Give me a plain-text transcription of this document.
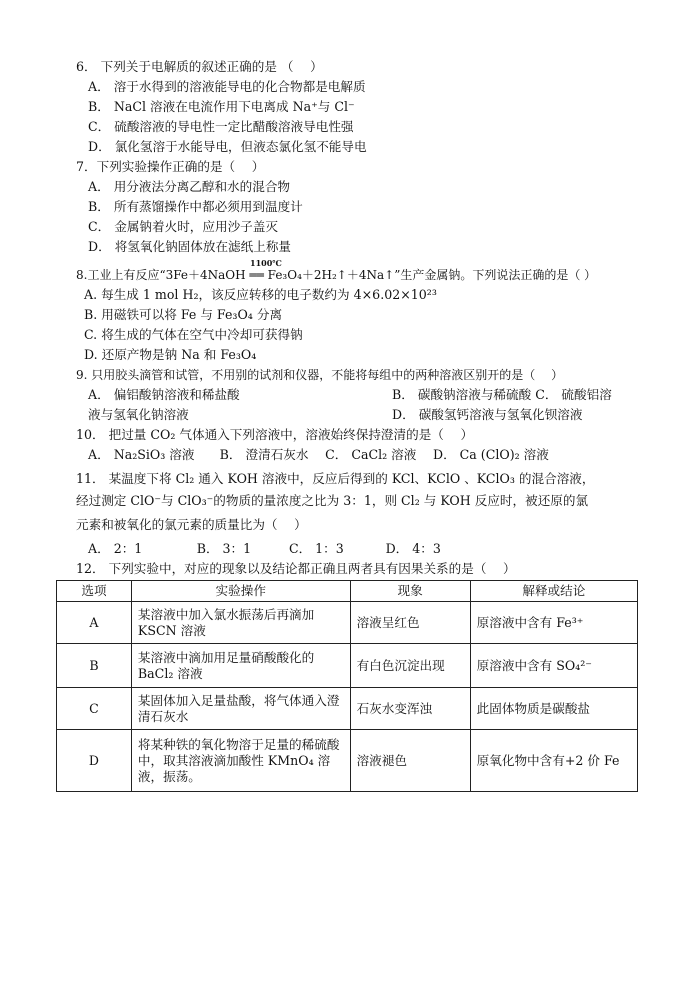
6． 下列关于电解质的叙述正确的是 （　 ）
A． 溶于水得到的溶液能导电的化合物都是电解质
B． NaCl 溶液在电流作用下电离成 Na⁺与 Cl⁻
C． 硫酸溶液的导电性一定比醋酸溶液导电性强
D． 氯化氢溶于水能导电，但液态氯化氢不能导电
7．下列实验操作正确的是（　 ）
A． 用分液法分离乙醇和水的混合物
B． 所有蒸馏操作中都必须用到温度计
C． 金属钠着火时，应用沙子盖灭
D． 将氢氧化钠固体放在滤纸上称量
1100℃
8.工业上有反应“3Fe＋4NaOH ══ Fe₃O₄＋2H₂↑＋4Na↑”生产金属钠。下列说法正确的是（ ）
A. 每生成 1 mol H₂，该反应转移的电子数约为 4×6.02×10²³
B. 用磁铁可以将 Fe 与 Fe₃O₄ 分离
C. 将生成的气体在空气中冷却可获得钠
D. 还原产物是钠 Na 和 Fe₃O₄
9. 只用胶头滴管和试管，不用别的试剂和仪器，不能将每组中的两种溶液区别开的是（　 ）
A． 偏铝酸钠溶液和稀盐酸	B． 碳酸钠溶液与稀硫酸 C． 硫酸铝溶
液与氢氧化钠溶液	D． 碳酸氢钙溶液与氢氧化钡溶液
10． 把过量 CO₂ 气体通入下列溶液中，溶液始终保持澄清的是（　 ）
A． Na₂SiO₃ 溶液　　B． 澄清石灰水　 C． CaCl₂ 溶液　 D． Ca (ClO)₂ 溶液
11． 某温度下将 Cl₂ 通入 KOH 溶液中，反应后得到的 KCl、KClO 、KClO₃ 的混合溶液，
经过测定 ClO⁻与 ClO₃⁻的物质的量浓度之比为 3：1，则 Cl₂ 与 KOH 反应时，被还原的氯
元素和被氧化的氯元素的质量比为（　 ）
A． 2：1　　　　 B． 3：1　　　C． 1：3　　　 D． 4：3
12． 下列实验中，对应的现象以及结论都正确且两者具有因果关系的是（　 ）
选项	实验操作	现象	解释或结论
A	某溶液中加入氯水振荡后再滴加 KSCN 溶液	溶液呈红色	原溶液中含有 Fe³⁺
B	某溶液中滴加用足量硝酸酸化的 BaCl₂ 溶液	有白色沉淀出现	原溶液中含有 SO₄²⁻
C	某固体加入足量盐酸，将气体通入澄清石灰水	石灰水变浑浊	此固体物质是碳酸盐
D	将某种铁的氧化物溶于足量的稀硫酸中，取其溶液滴加酸性 KMnO₄ 溶液，振荡。	溶液褪色	原氧化物中含有+2 价 Fe
